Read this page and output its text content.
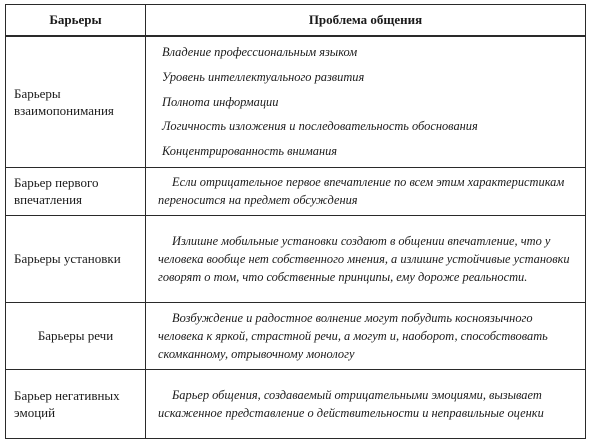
Барьеры	Проблема общения
Барьеры взаимопонимания	Владение профессиональным языком
Уровень интеллектуального развития
Полнота информации
Логичность изложения и последовательность обоснования
Концентрированность внимания

Барьер первого впечатления	Если отрицательное первое впечатление по всем этим характеристикам переносится на предмет обсуждения
Барьеры установки	Излишне мобильные установки создают в общении впечатление, что у человека вообще нет собственного мнения, а излишне устойчивые установки говорят о том, что собственные принципы, ему дороже реальности.
Барьеры речи	Возбуждение и радостное волнение могут побудить косноязычного человека к яркой, страстной речи, а могут и, наоборот, способствовать скомканному, отрывочному монологу
Барьер негативных эмоций	Барьер общения, создаваемый отрицательными эмоциями, вызывает искаженное представление о действительности и неправильные оценки
